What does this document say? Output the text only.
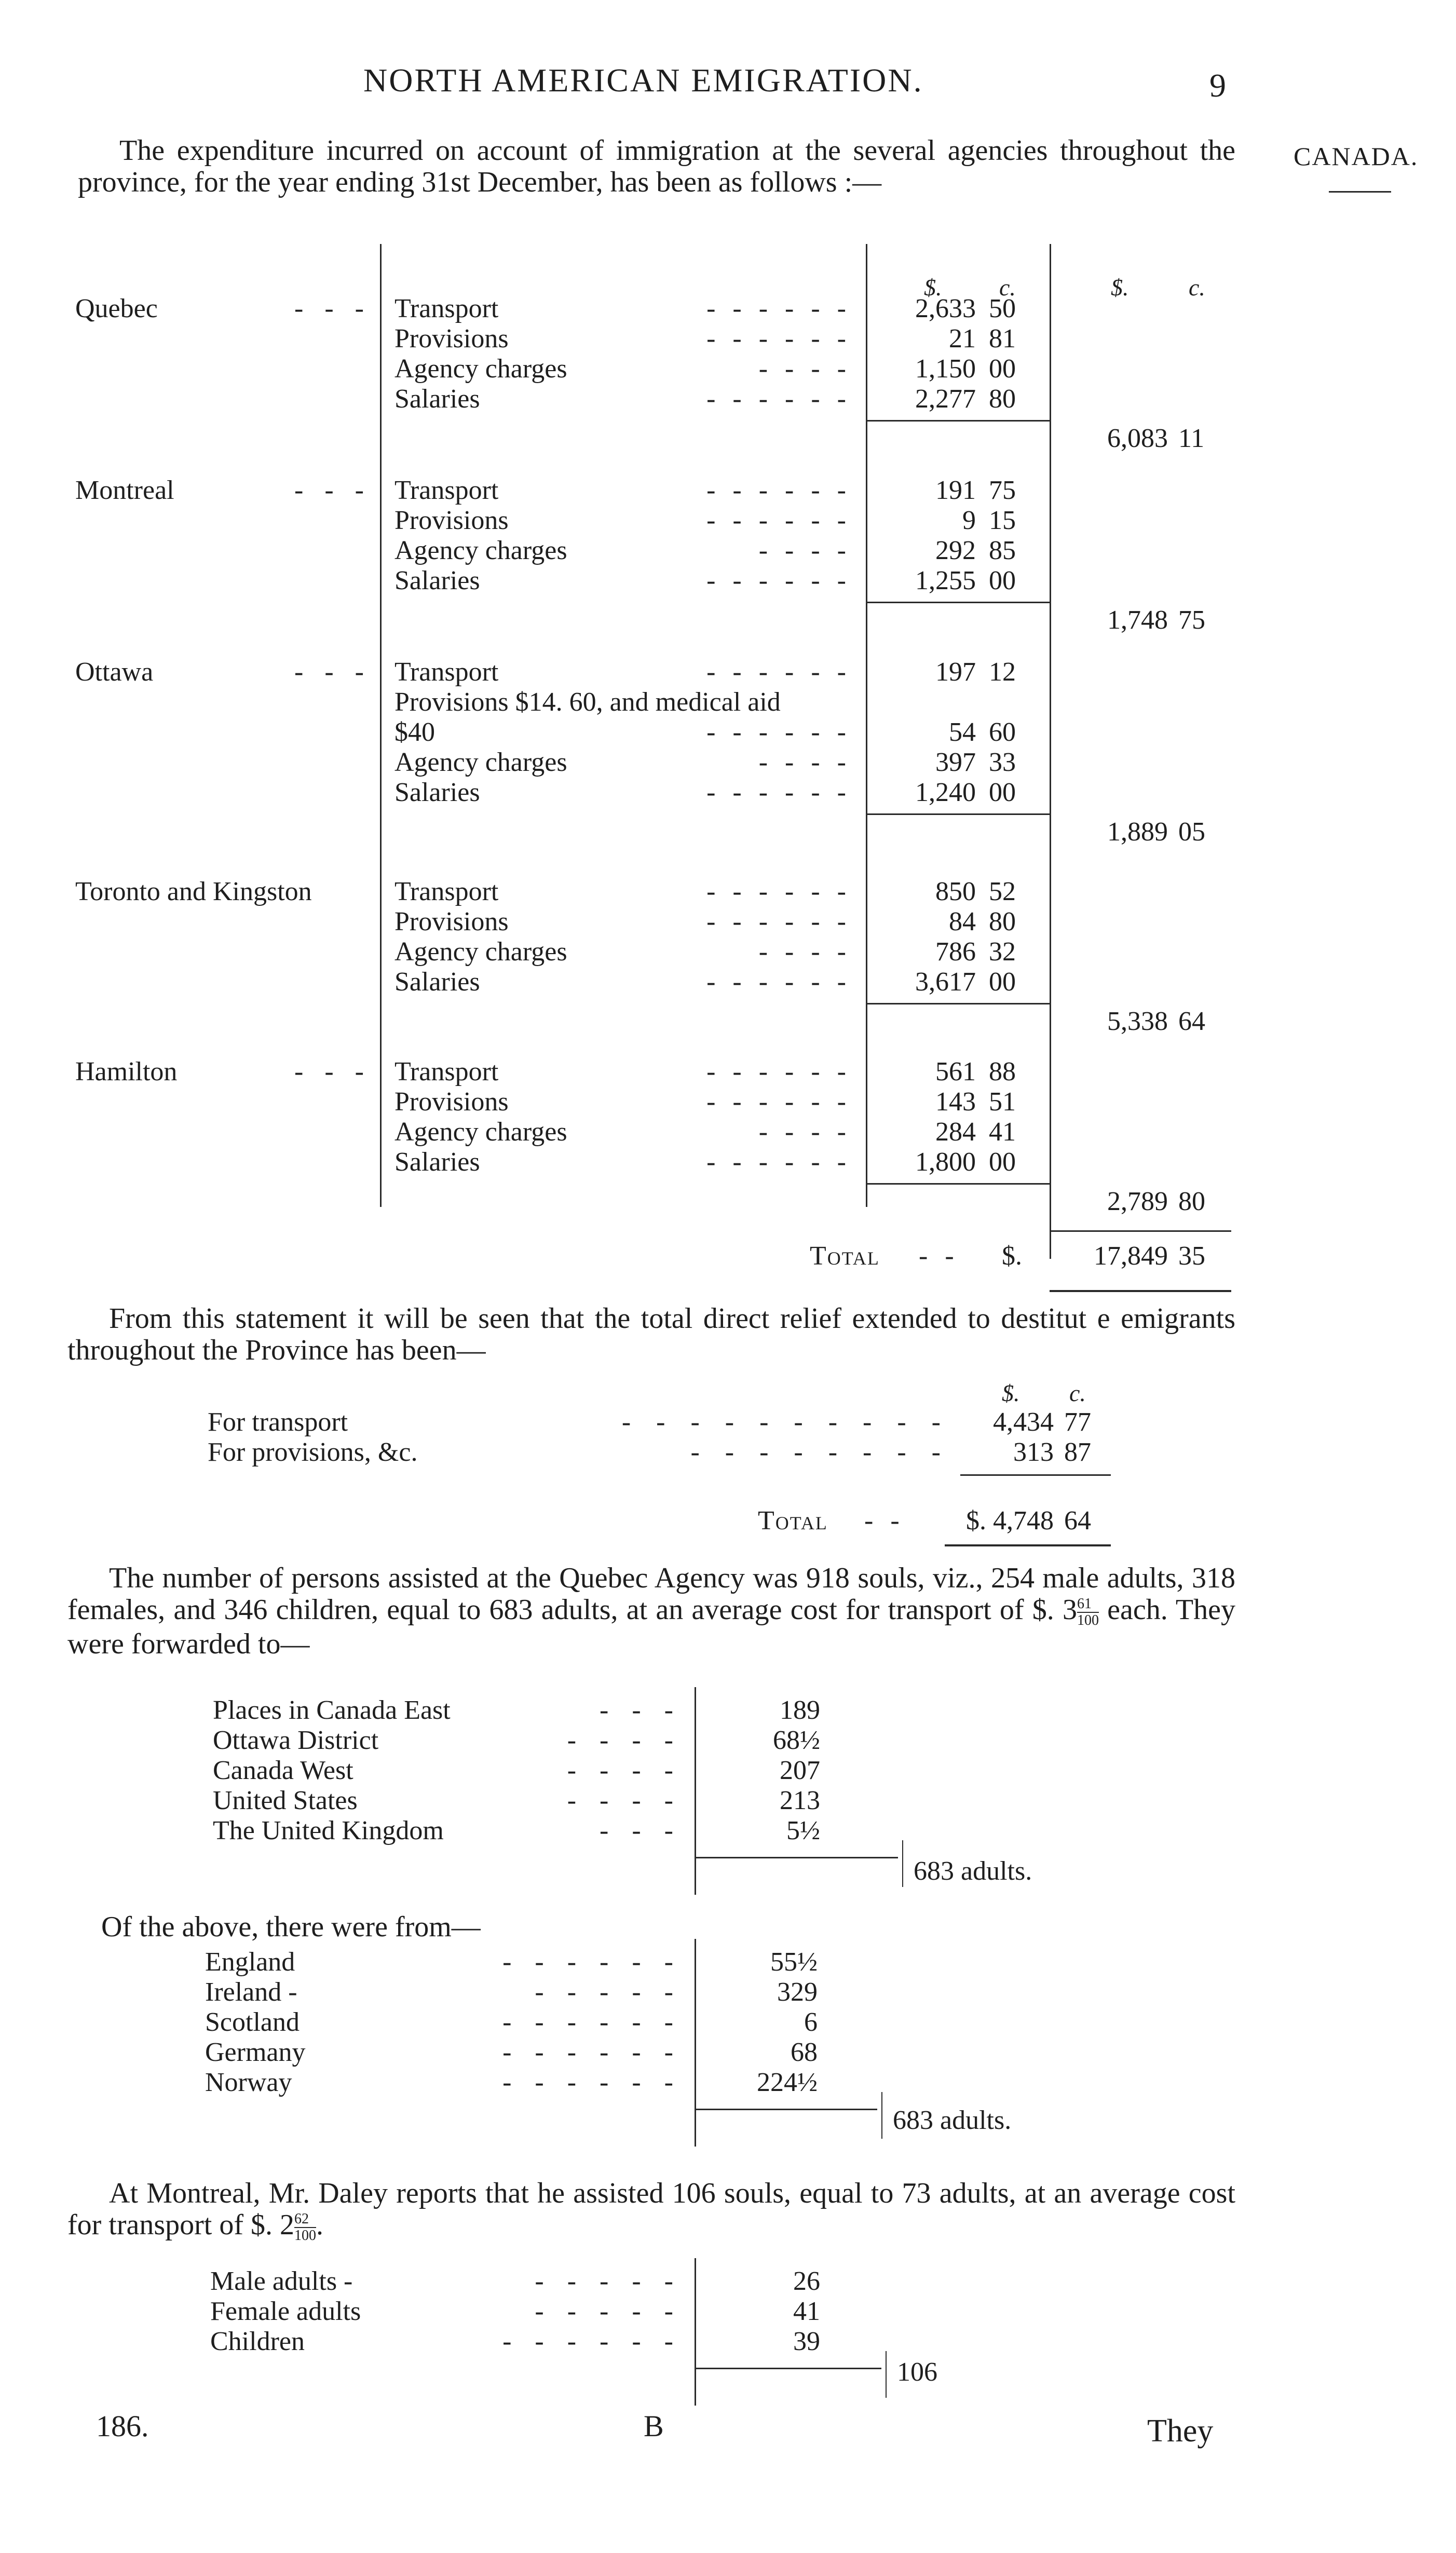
NORTH AMERICAN EMIGRATION.	9
CANADA.
The expenditure incurred on account of immigration at the several agencies throughout the province, for the year ending 31st December, has been as follows :—
$. c.	$.	c.
Quebec	- - - Transport	- - - - - -	2,633 50
Provisions	- - - - - -	21 81
Agency charges	- - - -	1,150 00
Salaries	- - - - - -	2,277 80
6,083 11
Montreal	- - - Transport	- - - - - -	191 75
Provisions	- - - - - -	9 15
Agency charges	- - - -	292 85
Salaries	- - - - - -	1,255 00
1,748 75
Ottawa	- - - Transport	- - - - - -	197 12
Provisions $14. 60, and medical aid
$40	- - - - - -	54 60
Agency charges	- - - -	397 33
Salaries	- - - - - -	1,240 00
1,889 05
Toronto and Kingston	Transport	- - - - - -	850 52
Provisions	- - - - - -	84 80
Agency charges	- - - -	786 32
Salaries	- - - - - -	3,617 00
5,338 64
Hamilton	- - - Transport	- - - - - -	561 88
Provisions	- - - - - -	143 51
Agency charges	- - - -	284 41
Salaries	- - - - - -	1,800 00
2,789 80
Total - - $.	17,849 35
From this statement it will be seen that the total direct relief extended to destitut e emigrants throughout the Province has been—
$. c.
For transport	- - - - - - - - - -	4,434 77
For provisions, &c.	- - - - - - - -	313 87
Total - -	$. 4,748 64
The number of persons assisted at the Quebec Agency was 918 souls, viz., 254 male adults, 318 females, and 346 children, equal to 683 adults, at an average cost for transport of $. $3 \frac{61}{100}$ each. They were forwarded to—
Places in Canada East	- - -	189
Ottawa District	- - - -	68½
Canada West	- - - -	207
United States	- - - -	213
The United Kingdom	- - -	5½
683 adults.
Of the above, there were from—
England	- - - - - -	55½
Ireland -	- - - - -	329
Scotland	- - - - - -	6
Germany	- - - - - -	68
Norway	- - - - - -	224½
683 adults.
At Montreal, Mr. Daley reports that he assisted 106 souls, equal to 73 adults, at an average cost for transport of $. $2 \frac{62}{100}$ .
Male adults -	- - - - -	26
Female adults	- - - - -	41
Children	- - - - - -	39
106
186.	B	They
